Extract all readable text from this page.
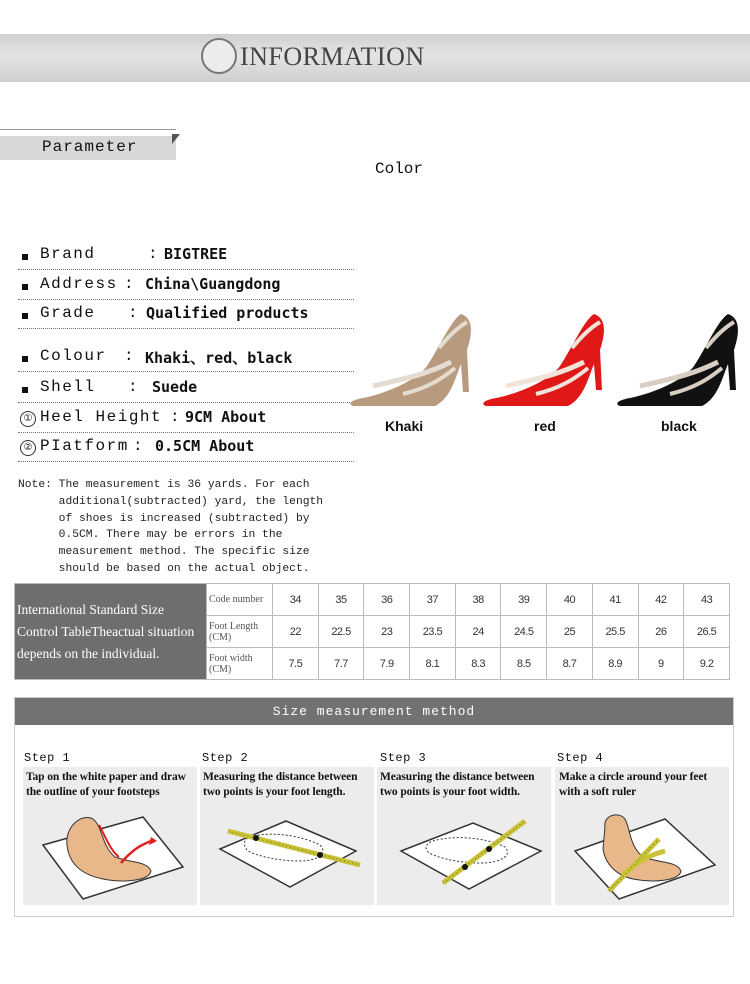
INFORMATION
Parameter
Color
Brand	: BIGTREE
Address : China\Guangdong
Grade : Qualified products
Colour : Khaki、red、black
Shell : Suede
① Heel Height : 9CM About
② PIatform : 0.5CM About
Khaki	red	black
Note: The measurement is 36 yards. For each
additional(subtracted) yard, the length
of shoes is increased (subtracted) by
0.5CM. There may be errors in the
measurement method. The specific size
should be based on the actual object.
International Standard Size Control TableTheactual situation depends on the individual.	Code number	34	35	36	37	38	39	40	41	42	43
	Foot Length (CM)	22	22.5	23	23.5	24	24.5	25	25.5	26	26.5
	Foot width (CM)	7.5	7.7	7.9	8.1	8.3	8.5	8.7	8.9	9	9.2
Size measurement method
Step 1	Step 2	Step 3	Step 4
Tap on the white paper and draw the outline of your footsteps
Measuring the distance between two points is your foot length.
Measuring the distance between two points is your foot width.
Make a circle around your feet with a soft ruler
